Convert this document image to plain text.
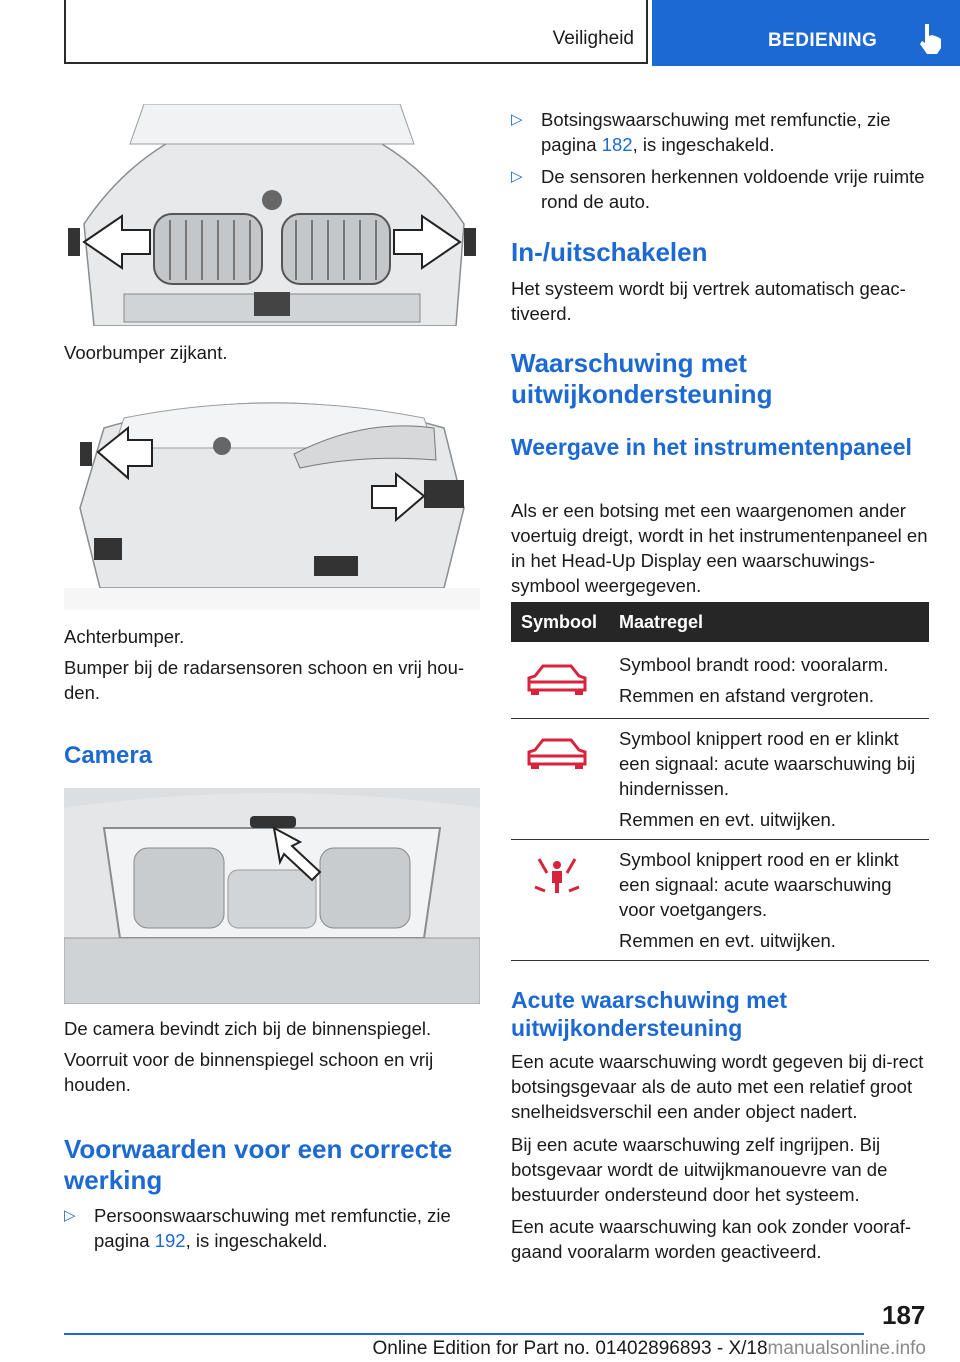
Veiligheid	BEDIENING

Voorbumper zijkant.

Achterbumper.

Bumper bij de radarsensoren schoon en vrij hou-den.

Camera

De camera bevindt zich bij de binnenspiegel.

Voorruit voor de binnenspiegel schoon en vrij houden.

Voorwaarden voor een correcte werking
▷ Persoonswaarschuwing met remfunctie, zie pagina 192, is ingeschakeld.
▷ Botsingswaarschuwing met remfunctie, zie pagina 182, is ingeschakeld.
▷ De sensoren herkennen voldoende vrije ruimte rond de auto.
In-/uitschakelen

Het systeem wordt bij vertrek automatisch geac-tiveerd.

Waarschuwing met uitwijkondersteuning
Weergave in het instrumentenpaneel

Als er een botsing met een waargenomen ander voertuig dreigt, wordt in het instrumentenpaneel en in het Head-Up Display een waarschuwings-symbool weergegeven.

Symbool Maatregel
Symbool brandt rood: vooralarm.
Remmen en afstand vergroten.
Symbool knippert rood en er klinkt een signaal: acute waarschuwing bij hindernissen.
Remmen en evt. uitwijken.
Symbool knippert rood en er klinkt een signaal: acute waarschuwing voor voetgangers.
Remmen en evt. uitwijken.
Acute waarschuwing met uitwijkondersteuning

Een acute waarschuwing wordt gegeven bij di-rect botsingsgevaar als de auto met een relatief groot snelheidsverschil een ander object nadert.

Bij een acute waarschuwing zelf ingrijpen. Bij botsgevaar wordt de uitwijkmanouevre van de bestuurder ondersteund door het systeem.

Een acute waarschuwing kan ook zonder vooraf-gaand vooralarm worden geactiveerd.

187
Online Edition for Part no. 01402896893 - X/18manualsonline.info
